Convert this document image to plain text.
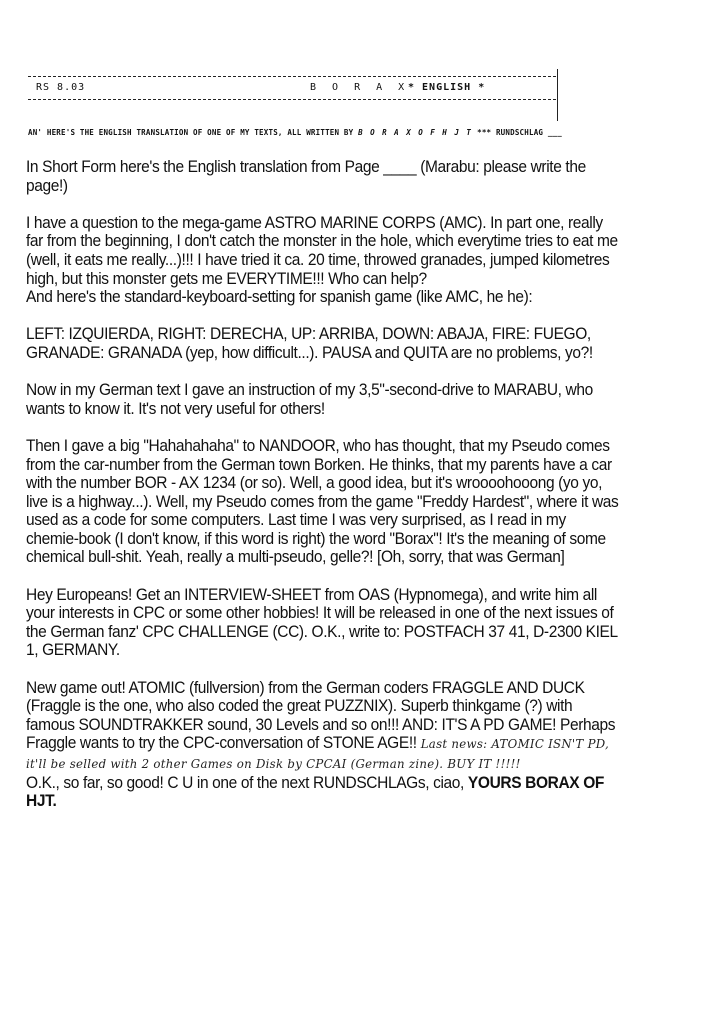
RS 8.03	B O R A X
* ENGLISH *
AN' HERE'S THE ENGLISH TRANSLATION OF ONE OF MY TEXTS, ALL WRITTEN BY B O R A X O F H J T *** RUNDSCHLAG ___

In Short Form here's the English translation from Page ____ (Marabu: please write the page!)

I have a question to the mega-game ASTRO MARINE CORPS (AMC). In part one, really far from the beginning, I don't catch the monster in the hole, which everytime tries to eat me (well, it eats me really...)!!! I have tried it ca. 20 time, throwed granades, jumped kilometres high, but this monster gets me EVERYTIME!!! Who can help?
And here's the standard-keyboard-setting for spanish game (like AMC, he he):

LEFT: IZQUIERDA, RIGHT: DERECHA, UP: ARRIBA, DOWN: ABAJA, FIRE: FUEGO, GRANADE: GRANADA (yep, how difficult...). PAUSA and QUITA are no problems, yo?!

Now in my German text I gave an instruction of my 3,5"-second-drive to MARABU, who wants to know it. It's not very useful for others!

Then I gave a big "Hahahahaha" to NANDOOR, who has thought, that my Pseudo comes from the car-number from the German town Borken. He thinks, that my parents have a car with the number BOR - AX 1234 (or so). Well, a good idea, but it's wroooohooong (yo yo, live is a highway...). Well, my Pseudo comes from the game "Freddy Hardest", where it was used as a code for some computers. Last time I was very surprised, as I read in my chemie-book (I don't know, if this word is right) the word "Borax"! It's the meaning of some chemical bull-shit. Yeah, really a multi-pseudo, gelle?! [Oh, sorry, that was German]

Hey Europeans! Get an INTERVIEW-SHEET from OAS (Hypnomega), and write him all your interests in CPC or some other hobbies! It will be released in one of the next issues of the German fanz' CPC CHALLENGE (CC). O.K., write to: POSTFACH 37 41, D-2300 KIEL 1, GERMANY.

New game out! ATOMIC (fullversion) from the German coders FRAGGLE AND DUCK (Fraggle is the one, who also coded the great PUZZNIX). Superb thinkgame (?) with famous SOUNDTRAKKER sound, 30 Levels and so on!!! AND: IT'S A PD GAME! Perhaps Fraggle wants to try the CPC-conversation of STONE AGE!! Last news: ATOMIC ISN'T PD, it'll be selled with 2 other Games on Disk by CPCAI (German zine). BUY IT !!!!!
O.K., so far, so good! C U in one of the next RUNDSCHLAGs, ciao, YOURS BORAX OF HJT.
